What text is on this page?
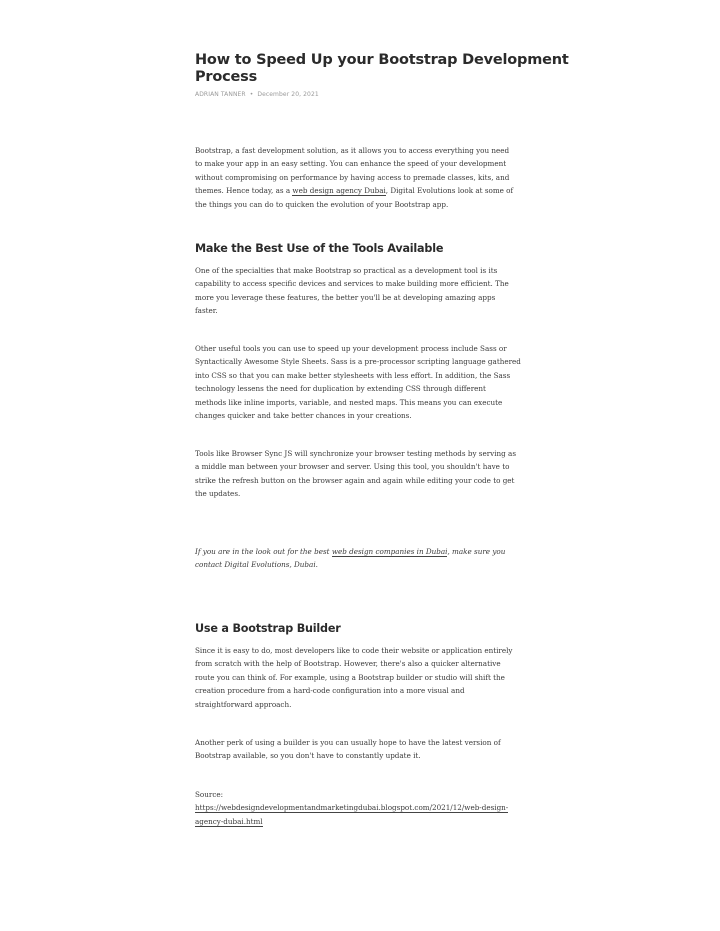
How to Speed Up your Bootstrap Development
Process
ADRIAN TANNER • December 20, 2021

Bootstrap, a fast development solution, as it allows you to access everything you need
to make your app in an easy setting. You can enhance the speed of your development
without compromising on performance by having access to premade classes, kits, and
themes. Hence today, as a web design agency Dubai, Digital Evolutions look at some of
the things you can do to quicken the evolution of your Bootstrap app.

Make the Best Use of the Tools Available

One of the specialties that make Bootstrap so practical as a development tool is its
capability to access specific devices and services to make building more efficient. The
more you leverage these features, the better you'll be at developing amazing apps
faster.

Other useful tools you can use to speed up your development process include Sass or
Syntactically Awesome Style Sheets. Sass is a pre-processor scripting language gathered
into CSS so that you can make better stylesheets with less effort. In addition, the Sass
technology lessens the need for duplication by extending CSS through different
methods like inline imports, variable, and nested maps. This means you can execute
changes quicker and take better chances in your creations.

Tools like Browser Sync JS will synchronize your browser testing methods by serving as
a middle man between your browser and server. Using this tool, you shouldn't have to
strike the refresh button on the browser again and again while editing your code to get
the updates.

If you are in the look out for the best web design companies in Dubai, make sure you
contact Digital Evolutions, Dubai.

Use a Bootstrap Builder

Since it is easy to do, most developers like to code their website or application entirely
from scratch with the help of Bootstrap. However, there's also a quicker alternative
route you can think of. For example, using a Bootstrap builder or studio will shift the
creation procedure from a hard-code configuration into a more visual and
straightforward approach.

Another perk of using a builder is you can usually hope to have the latest version of
Bootstrap available, so you don't have to constantly update it.

Source:
https://webdesigndevelopmentandmarketingdubai.blogspot.com/2021/12/web-design-
agency-dubai.html
